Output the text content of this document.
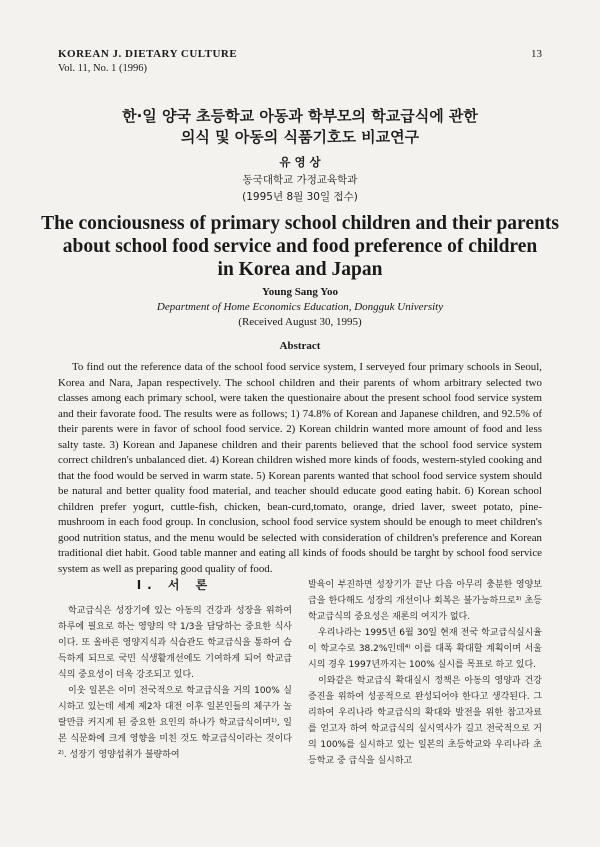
KOREAN J. DIETARY CULTURE
Vol. 11, No. 1 (1996)
13
한·일 양국 초등학교 아동과 학부모의 학교급식에 관한
의식 및 아동의 식품기호도 비교연구
유 영 상
동국대학교 가정교육학과
(1995년 8월 30일 접수)
The conciousness of primary school children and their parents
about school food service and food preference of children
in Korea and Japan
Young Sang Yoo
Department of Home Economics Education, Dongguk University
(Received August 30, 1995)
Abstract

To find out the reference data of the school food service system, I serveyed four primary schools in Seoul, Korea and Nara, Japan respectively. The school children and their parents of whom arbitrary selected two classes among each primary school, were taken the questionaire about the present school food service system and their favorate food. The results were as follows; 1) 74.8% of Korean and Japanese children, and 92.5% of their parents were in favor of school food service. 2) Korean childrin wanted more amount of food and less salty taste. 3) Korean and Japanese children and their parents believed that the school food service system correct children's unbalanced diet. 4) Korean children wished more kinds of foods, western-styled cooking and that the food would be served in warm state. 5) Korean parents wanted that school food service system should be natural and better quality food material, and teacher should educate good eating habit. 6) Korean school children prefer yogurt, cuttle-fish, chicken, bean-curd,tomato, orange, dried laver, sweet potato, pine-mushroom in each food group. In conclusion, school food service system should be enough to meet children's good nutrition status, and the menu would be selected with consideration of children's preference and Korean traditional diet habit. Good table manner and eating all kinds of foods should be targht by school food service system as well as preparing good quality of food.

I. 서 론

학교급식은 성장기에 있는 아동의 건강과 성장을 위하여 하루에 필요로 하는 영양의 약 1/3을 담당하는 중요한 식사이다. 또 올바른 영양지식과 식습관도 학교급식을 통하여 습득하게 되므로 국민 식생활개선에도 기여하게 되어 학교급식의 중요성이 더욱 강조되고 있다.

이웃 일본은 이미 전국적으로 학교급식을 거의 100% 실시하고 있는데 세계 제2차 대전 이후 일본인들의 체구가 놀랄만큼 커지게 된 중요한 요인의 하나가 학교급식이며¹⁾, 일본 식문화에 크게 영향을 미친 것도 학교급식이라는 것이다²⁾. 성장기 영양섭취가 불량하여

발육이 부진하면 성장기가 끝난 다음 아무리 충분한 영양보급을 한다해도 성장의 개선이나 회복은 불가능하므로³⁾ 초등학교급식의 중요성은 재론의 여지가 없다.

우리나라는 1995년 6월 30일 현재 전국 학교급식실시율이 학교수로 38.2%인데⁴⁾ 이를 대폭 확대할 계획이며 서울시의 경우 1997년까지는 100% 실시를 목표로 하고 있다.

이와같은 학교급식 확대실시 정책은 아동의 영양과 건강증진을 위하여 성공적으로 완성되어야 한다고 생각된다. 그리하여 우리나라 학교급식의 확대와 발전을 위한 참고자료를 얻고자 하여 학교급식의 실시역사가 길고 전국적으로 거의 100%를 실시하고 있는 일본의 초등학교와 우리나라 초등학교 중 급식을 실시하고
